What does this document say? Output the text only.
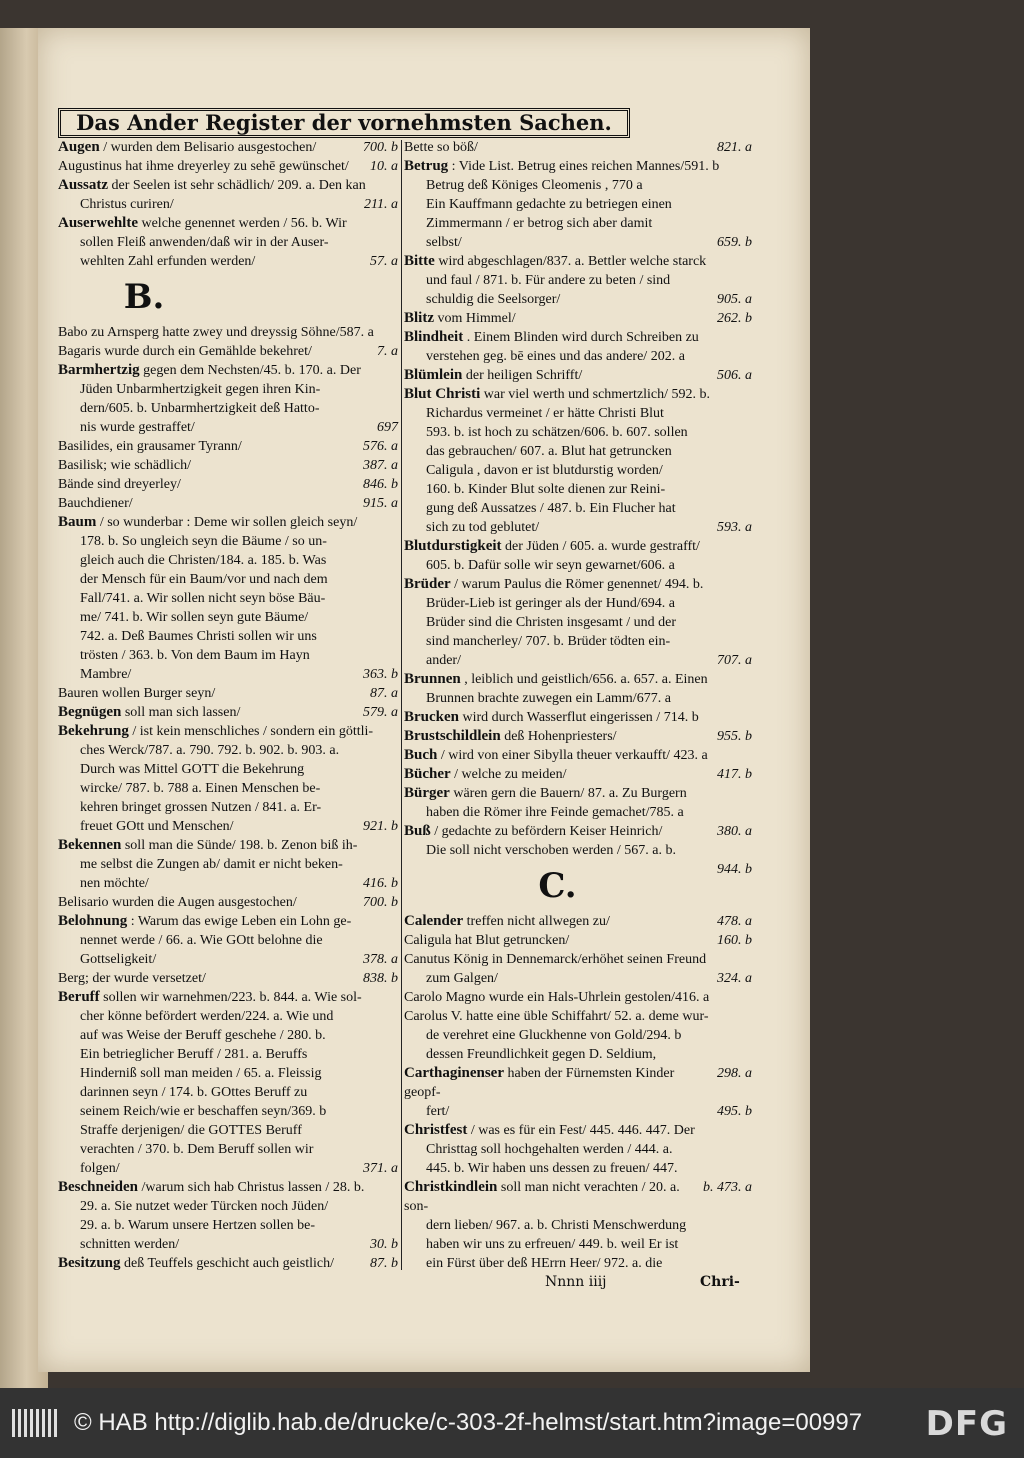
Das Ander Register der vornehmsten Sachen.
700. b
Augen / wurden dem Belisario ausgestochen/
10. a
Augustinus hat ihme dreyerley zu sehē gewünschet/
Aussatz der Seelen ist sehr schädlich/ 209. a. Den kan
211. a
Christus curiren/
Auserwehlte welche genennet werden / 56. b. Wir
sollen Fleiß anwenden/daß wir in der Auser-
57. a
wehlten Zahl erfunden werden/
B.
Babo zu Arnsperg hatte zwey und dreyssig Söhne/587. a
7. a
Bagaris wurde durch ein Gemählde bekehret/
Barmhertzig gegen dem Nechsten/45. b. 170. a. Der
Jüden Unbarmhertzigkeit gegen ihren Kin-
dern/605. b. Unbarmhertzigkeit deß Hatto-
697
nis wurde gestraffet/
576. a
Basilides, ein grausamer Tyrann/
387. a
Basilisk; wie schädlich/
846. b
Bände sind dreyerley/
915. a
Bauchdiener/
Baum / so wunderbar : Deme wir sollen gleich seyn/
178. b. So ungleich seyn die Bäume / so un-
gleich auch die Christen/184. a. 185. b. Was
der Mensch für ein Baum/vor und nach dem
Fall/741. a. Wir sollen nicht seyn böse Bäu-
me/ 741. b. Wir sollen seyn gute Bäume/
742. a. Deß Baumes Christi sollen wir uns
trösten / 363. b. Von dem Baum im Hayn
363. b
Mambre/
87. a
Bauren wollen Burger seyn/
579. a
Begnügen soll man sich lassen/
Bekehrung / ist kein menschliches / sondern ein göttli-
ches Werck/787. a. 790. 792. b. 902. b. 903. a.
Durch was Mittel GOTT die Bekehrung
wircke/ 787. b. 788 a. Einen Menschen be-
kehren bringet grossen Nutzen / 841. a. Er-
921. b
freuet GOtt und Menschen/
Bekennen soll man die Sünde/ 198. b. Zenon biß ih-
me selbst die Zungen ab/ damit er nicht beken-
416. b
nen möchte/
700. b
Belisario wurden die Augen ausgestochen/
Belohnung : Warum das ewige Leben ein Lohn ge-
nennet werde / 66. a. Wie GOtt belohne die
378. a
Gottseligkeit/
838. b
Berg; der wurde versetzet/
Beruff sollen wir warnehmen/223. b. 844. a. Wie sol-
cher könne befördert werden/224. a. Wie und
auf was Weise der Beruff geschehe / 280. b.
Ein betrieglicher Beruff / 281. a. Beruffs
Hinderniß soll man meiden / 65. a. Fleissig
darinnen seyn / 174. b. GOttes Beruff zu
seinem Reich/wie er beschaffen seyn/369. b
Straffe derjenigen/ die GOTTES Beruff
verachten / 370. b. Dem Beruff sollen wir
371. a
folgen/
Beschneiden /warum sich hab Christus lassen / 28. b.
29. a. Sie nutzet weder Türcken noch Jüden/
29. a. b. Warum unsere Hertzen sollen be-
30. b
schnitten werden/
87. b
Besitzung deß Teuffels geschicht auch geistlich/
821. a
Bette so böß/
Betrug : Vide List. Betrug eines reichen Mannes/591. b
Betrug deß Königes Cleomenis , 770 a
Ein Kauffmann gedachte zu betriegen einen
Zimmermann / er betrog sich aber damit
659. b
selbst/
Bitte wird abgeschlagen/837. a. Bettler welche starck
und faul / 871. b. Für andere zu beten / sind
905. a
schuldig die Seelsorger/
262. b
Blitz vom Himmel/
Blindheit . Einem Blinden wird durch Schreiben zu
verstehen geg. bē eines und das andere/ 202. a
506. a
Blümlein der heiligen Schrifft/
Blut Christi war viel werth und schmertzlich/ 592. b.
Richardus vermeinet / er hätte Christi Blut
593. b. ist hoch zu schätzen/606. b. 607. sollen
das gebrauchen/ 607. a. Blut hat getruncken
Caligula , davon er ist blutdurstig worden/
160. b. Kinder Blut solte dienen zur Reini-
gung deß Aussatzes / 487. b. Ein Flucher hat
593. a
sich zu tod geblutet/
Blutdurstigkeit der Jüden / 605. a. wurde gestrafft/
605. b. Dafür solle wir seyn gewarnet/606. a
Brüder / warum Paulus die Römer genennet/ 494. b.
Brüder-Lieb ist geringer als der Hund/694. a
Brüder sind die Christen insgesamt / und der
sind mancherley/ 707. b. Brüder tödten ein-
707. a
ander/
Brunnen , leiblich und geistlich/656. a. 657. a. Einen
Brunnen brachte zuwegen ein Lamm/677. a
Brucken wird durch Wasserflut eingerissen / 714. b
955. b
Brustschildlein deß Hohenpriesters/
Buch / wird von einer Sibylla theuer verkaufft/ 423. a
417. b
Bücher / welche zu meiden/
Bürger wären gern die Bauern/ 87. a. Zu Burgern
haben die Römer ihre Feinde gemachet/785. a
380. a
Buß / gedachte zu befördern Keiser Heinrich/
Die soll nicht verschoben werden / 567. a. b.
944. b
C.
478. a
Calender treffen nicht allwegen zu/
160. b
Caligula hat Blut getruncken/
Canutus König in Dennemarck/erhöhet seinen Freund
324. a
zum Galgen/
Carolo Magno wurde ein Hals-Uhrlein gestolen/416. a
Carolus V. hatte eine üble Schiffahrt/ 52. a. deme wur-
de verehret eine Gluckhenne von Gold/294. b
dessen Freundlichkeit gegen D. Seldium,
298. a
Carthaginenser haben der Fürnemsten Kinder geopf-
495. b
fert/
Christfest / was es für ein Fest/ 445. 446. 447. Der
Christtag soll hochgehalten werden / 444. a.
445. b. Wir haben uns dessen zu freuen/ 447.
b. 473. a
Christkindlein soll man nicht verachten / 20. a. son-
dern lieben/ 967. a. b. Christi Menschwerdung
haben wir uns zu erfreuen/ 449. b. weil Er ist
ein Fürst über deß HErrn Heer/ 972. a. die
Nnnn iiij	Chri-
© HAB http://diglib.hab.de/drucke/c-303-2f-helmst/start.htm?image=00997 DFG
